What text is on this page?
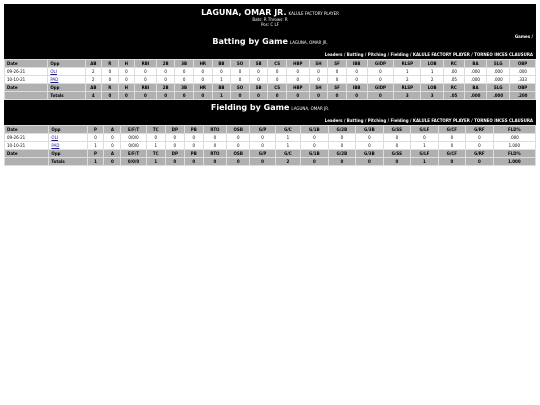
LAGUNA, OMAR JR. KALULE FACTORY PLAYER
Bats: R Throws: R
Pos: C LF
Games /
Batting by Game LAGUNA, OMAR JR.
Leaders / Batting / Pitching / Fielding / KALULE FACTORY PLAYER / TORNEO INCES CLAUSURA
Date	Opp	AB	R	H	RBI	2B	3B	HR	BB	SO	SB	CS	HBP	SH	SF	IBB	GIDP	RLSP	LOB	RC	BA	SLG	OBP
09-26-21	OLI	2	0	0	0	0	0	0	0	0	0	0	0	0	0	0	0	1	1	.00	.000	.000	.000
10-10-21	PAD	2	0	0	0	0	0	0	1	0	0	0	0	0	0	0	0	2	2	.05	.000	.000	.333
Date	Opp	AB	R	H	RBI	2B	3B	HR	BB	SO	SB	CS	HBP	SH	SF	IBB	GIDP	RLSP	LOB	RC	BA	SLG	OBP
	Totals	4	0	0	0	0	0	0	1	0	0	0	0	0	0	0	0	3	3	.05	.000	.000	.200
Fielding by Game LAGUNA, OMAR JR.
Leaders / Batting / Pitching / Fielding / KALULE FACTORY PLAYER / TORNEO INCES CLAUSURA
Date	Opp	P	A	E/F/T	TC	DP	PB	RTO	OSB	G/P	G/C	G/1B	G/2B	G/3B	G/SS	G/LF	G/CF	G/RF	FLD%
09-26-21	OLI	0	0	0/0/0	0	0	0	0	0	0	1	0	0	0	0	0	0	0	.000
10-10-21	PAD	1	0	0/0/0	1	0	0	0	0	0	1	0	0	0	0	1	0	0	1.000
Date	Opp	P	A	E/F/T	TC	DP	PB	RTO	OSB	G/P	G/C	G/1B	G/2B	G/3B	G/SS	G/LF	G/CF	G/RF	FLD%
	Totals	1	0	0/0/0	1	0	0	0	0	0	2	0	0	0	0	1	0	0	1.000
